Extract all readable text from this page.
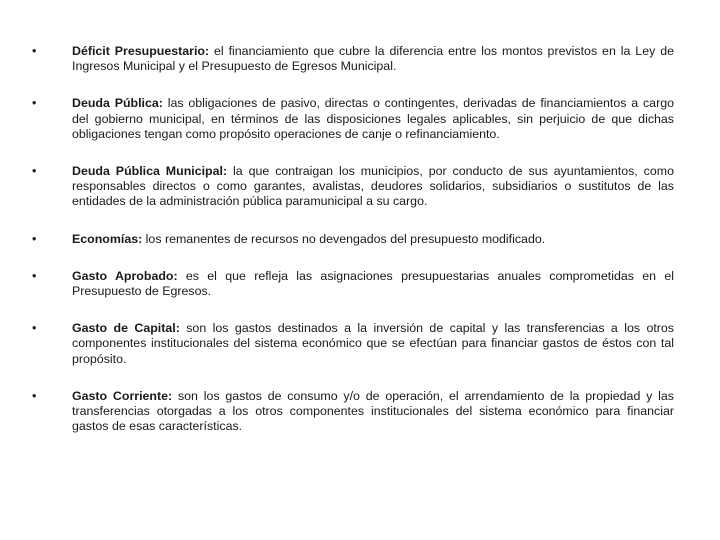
•	Déficit Presupuestario: el financiamiento que cubre la diferencia entre los montos previstos en la Ley de Ingresos Municipal y el Presupuesto de Egresos Municipal.
•	Deuda Pública: las obligaciones de pasivo, directas o contingentes, derivadas de financiamientos a cargo del gobierno municipal, en términos de las disposiciones legales aplicables, sin perjuicio de que dichas obligaciones tengan como propósito operaciones de canje o refinanciamiento.
•	Deuda Pública Municipal: la que contraigan los municipios, por conducto de sus ayuntamientos, como responsables directos o como garantes, avalistas, deudores solidarios, subsidiarios o sustitutos de las entidades de la administración pública paramunicipal a su cargo.
•	Economías: los remanentes de recursos no devengados del presupuesto modificado.
•	Gasto Aprobado: es el que refleja las asignaciones presupuestarias anuales comprometidas en el Presupuesto de Egresos.
•	Gasto de Capital: son los gastos destinados a la inversión de capital y las transferencias a los otros componentes institucionales del sistema económico que se efectúan para financiar gastos de éstos con tal propósito.
•	Gasto Corriente: son los gastos de consumo y/o de operación, el arrendamiento de la propiedad y las transferencias otorgadas a los otros componentes institucionales del sistema económico para financiar gastos de esas características.
